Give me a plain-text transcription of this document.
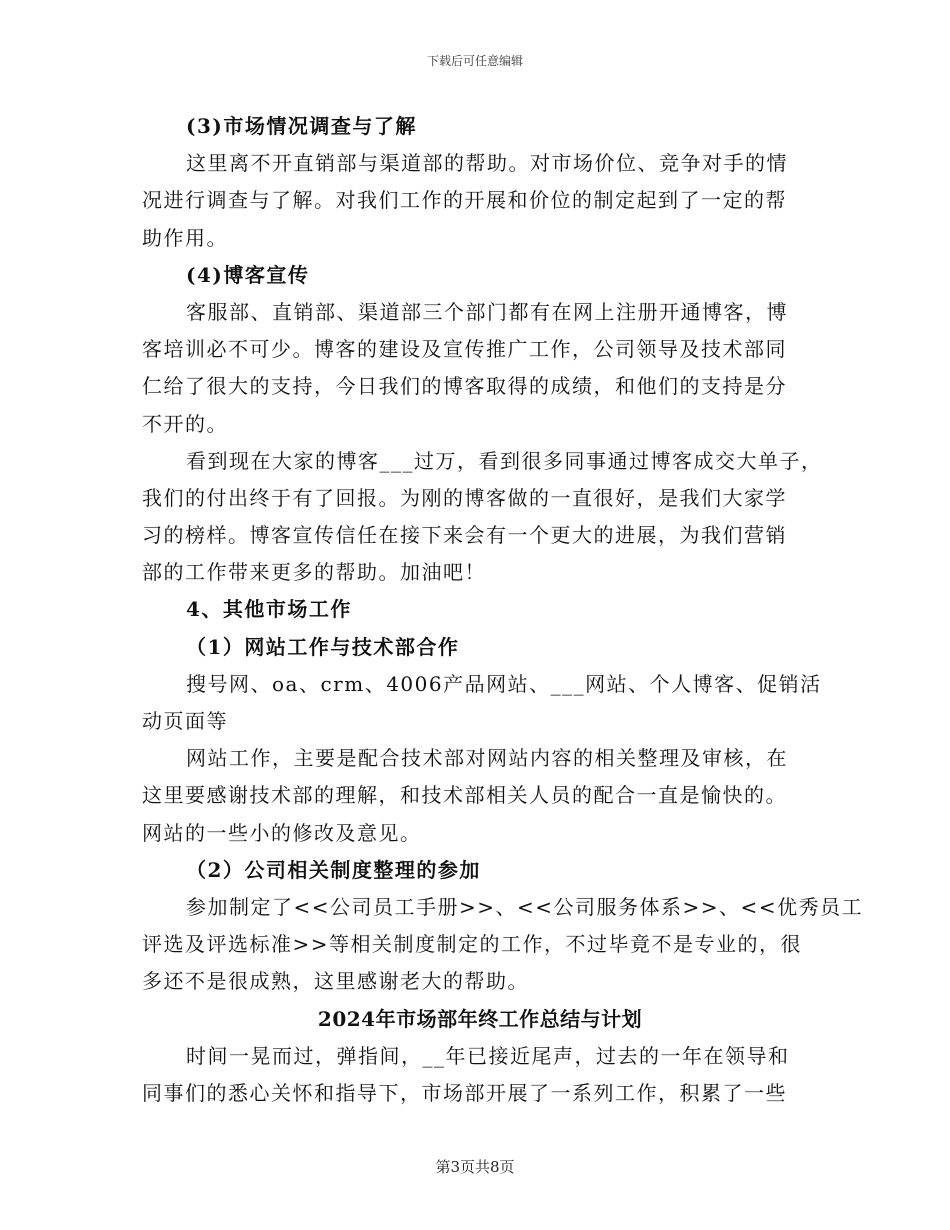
下载后可任意编辑
(3)市场情况调查与了解
这里离不开直销部与渠道部的帮助。对市场价位、竞争对手的情
况进行调查与了解。对我们工作的开展和价位的制定起到了一定的帮
助作用。
(4)博客宣传
客服部、直销部、渠道部三个部门都有在网上注册开通博客，博
客培训必不可少。博客的建设及宣传推广工作，公司领导及技术部同
仁给了很大的支持，今日我们的博客取得的成绩，和他们的支持是分
不开的。
看到现在大家的博客___过万，看到很多同事通过博客成交大单子，
我们的付出终于有了回报。为刚的博客做的一直很好，是我们大家学
习的榜样。博客宣传信任在接下来会有一个更大的进展，为我们营销
部的工作带来更多的帮助。加油吧！
4、其他市场工作
（1）网站工作与技术部合作
搜号网、oa、crm、4006产品网站、___网站、个人博客、促销活
动页面等
网站工作，主要是配合技术部对网站内容的相关整理及审核，在
这里要感谢技术部的理解，和技术部相关人员的配合一直是愉快的。
网站的一些小的修改及意见。
（2）公司相关制度整理的参加
参加制定了<<公司员工手册>>、<<公司服务体系>>、<<优秀员工
评选及评选标准>>等相关制度制定的工作，不过毕竟不是专业的，很
多还不是很成熟，这里感谢老大的帮助。
2024年市场部年终工作总结与计划
时间一晃而过，弹指间，__年已接近尾声，过去的一年在领导和
同事们的悉心关怀和指导下，市场部开展了一系列工作，积累了一些
第3页共8页
